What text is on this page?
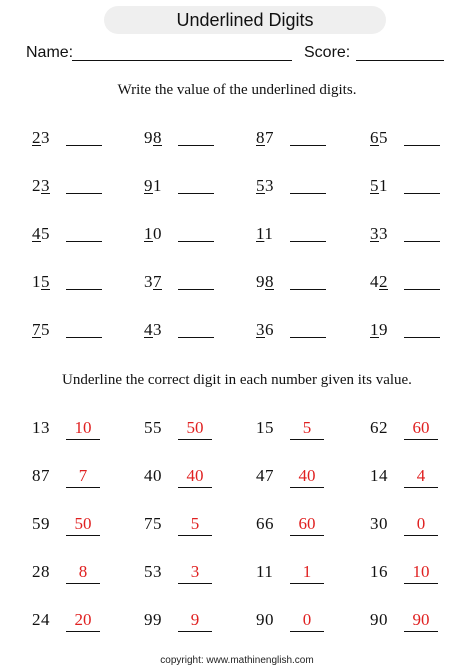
Underlined Digits
Name:	Score:
Write the value of the underlined digits.
23	98	87	65
23	91	53	51
45	10	11	33
15	37	98	42
75	43	36	19
Underline the correct digit in each number given its value.
13	10	55	50	15	5	62	60
87	7	40	40	47	40	14	4
59	50	75	5	66	60	30	0
28	8	53	3	11	1	16	10
24	20	99	9	90	0	90	90
copyright: www.mathinenglish.com
